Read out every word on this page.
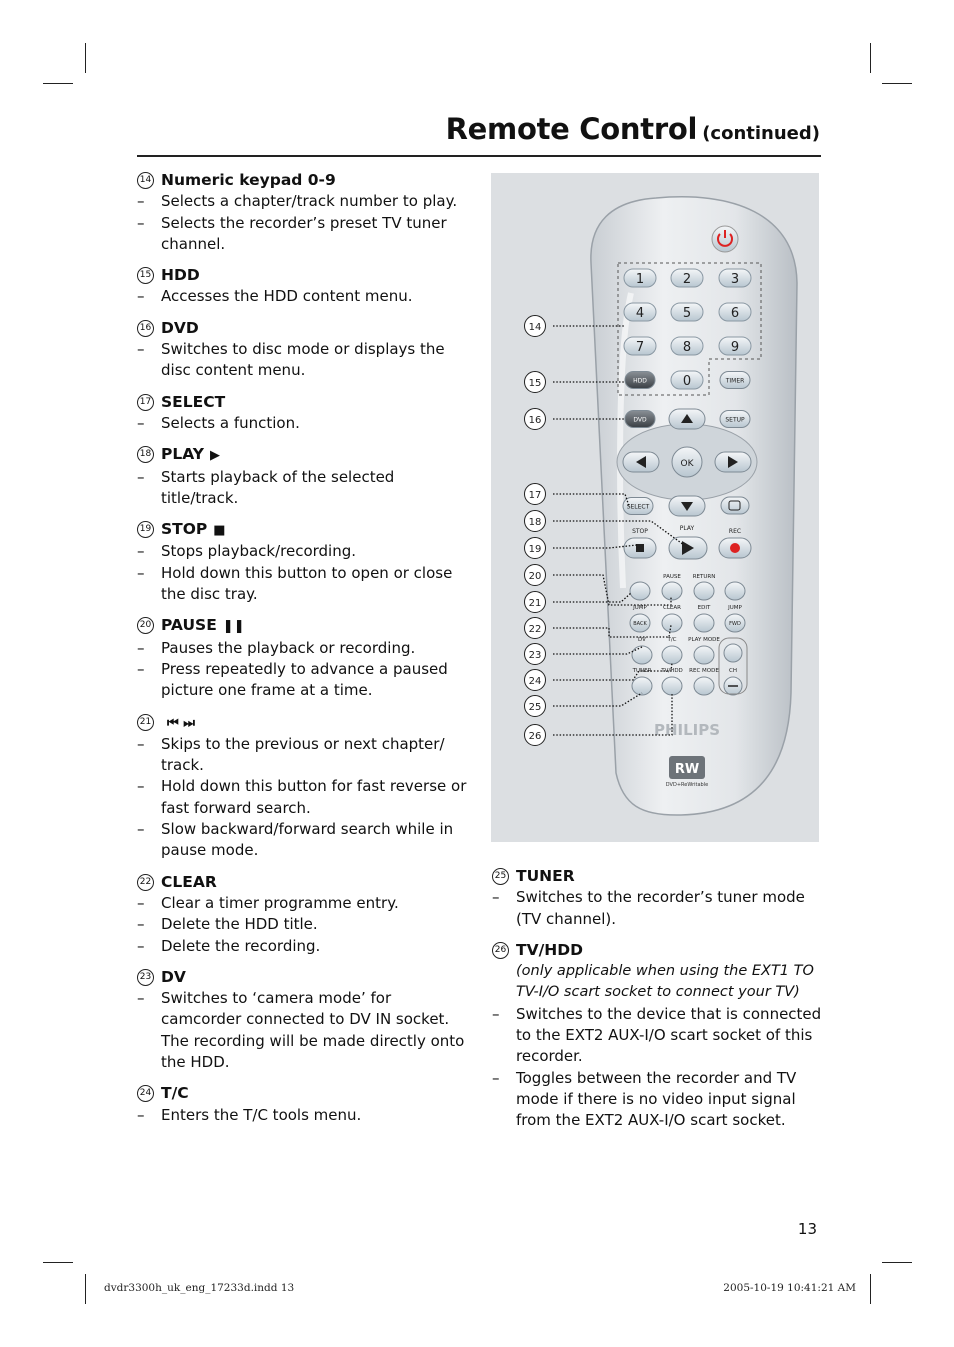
Remote Control (continued)
14 Numeric keypad 0-9
– Selects a chapter/track number to play.
– Selects the recorder’s preset TV tuner channel.
15 HDD
– Accesses the HDD content menu.
16 DVD
– Switches to disc mode or displays the disc content menu.
17 SELECT
– Selects a function.
18 PLAY ▶
– Starts playback of the selected title/track.
19 STOP ■
– Stops playback/recording.
– Hold down this button to open or close the disc tray.
20 PAUSE ❚❚
– Pauses the playback or recording.
– Press repeatedly to advance a paused picture one frame at a time.
21 ⏮ ⏭
– Skips to the previous or next chapter/ track.
– Hold down this button for fast reverse or fast forward search.
– Slow backward/forward search while in pause mode.
22 CLEAR
– Clear a timer programme entry.
– Delete the HDD title.
– Delete the recording.
23 DV
– Switches to ‘camera mode’ for camcorder connected to DV IN socket.
The recording will be made directly onto the HDD.
24 T/C
– Enters the T/C tools menu.
1	2	3
4	5	6
7	8	9
0
HDD	TIMER
DVD	SETUP
OK
SELECT
PLAY
STOP	REC
PAUSE RETURN
JUMP	CLEAR	EDIT	JUMP
BACK	FWD
DV	T/C PLAY MODE
TUNER TV/HDD REC MODE CH
PHILIPS
RW
DVD+ReWritable
14
15
16
17
18
19
20
21
22
23
24
25
26
25 TUNER
– Switches to the recorder’s tuner mode (TV channel).
26 TV/HDD
(only applicable when using the EXT1 TO TV-I/O scart socket to connect your TV)
– Switches to the device that is connected to the EXT2 AUX-I/O scart socket of this recorder.
– Toggles between the recorder and TV mode if there is no video input signal from the EXT2 AUX-I/O scart socket.
13
dvdr3300h_uk_eng_17233d.indd 13	2005-10-19 10:41:21 AM
